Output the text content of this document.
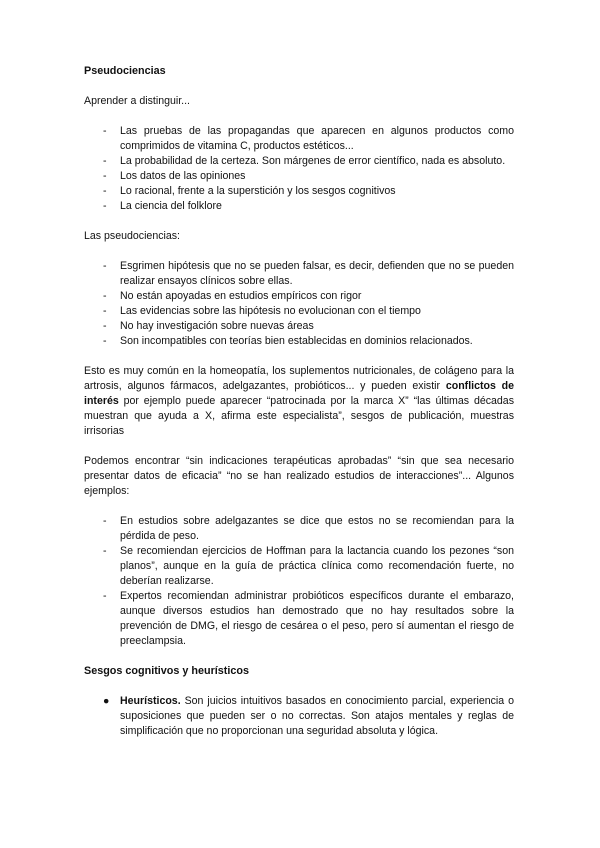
Pseudociencias

Aprender a distinguir...

- Las pruebas de las propagandas que aparecen en algunos productos como comprimidos de vitamina C, productos estéticos...
- La probabilidad de la certeza. Son márgenes de error científico, nada es absoluto.
- Los datos de las opiniones
- Lo racional, frente a la superstición y los sesgos cognitivos
- La ciencia del folklore

Las pseudociencias:

- Esgrimen hipótesis que no se pueden falsar, es decir, defienden que no se pueden realizar ensayos clínicos sobre ellas.
- No están apoyadas en estudios empíricos con rigor
- Las evidencias sobre las hipótesis no evolucionan con el tiempo
- No hay investigación sobre nuevas áreas
- Son incompatibles con teorías bien establecidas en dominios relacionados.

Esto es muy común en la homeopatía, los suplementos nutricionales, de colágeno para la artrosis, algunos fármacos, adelgazantes, probióticos... y pueden existir conflictos de interés por ejemplo puede aparecer “patrocinada por la marca X” “las últimas décadas muestran que ayuda a X, afirma este especialista”, sesgos de publicación, muestras irrisorias

Podemos encontrar “sin indicaciones terapéuticas aprobadas” “sin que sea necesario presentar datos de eficacia” “no se han realizado estudios de interacciones”... Algunos ejemplos:

- En estudios sobre adelgazantes se dice que estos no se recomiendan para la pérdida de peso.
- Se recomiendan ejercicios de Hoffman para la lactancia cuando los pezones “son planos”, aunque en la guía de práctica clínica como recomendación fuerte, no deberían realizarse.
- Expertos recomiendan administrar probióticos específicos durante el embarazo, aunque diversos estudios han demostrado que no hay resultados sobre la prevención de DMG, el riesgo de cesárea o el peso, pero sí aumentan el riesgo de preeclampsia.
Sesgos cognitivos y heurísticos
● Heurísticos. Son juicios intuitivos basados en conocimiento parcial, experiencia o suposiciones que pueden ser o no correctas. Son atajos mentales y reglas de simplificación que no proporcionan una seguridad absoluta y lógica.
